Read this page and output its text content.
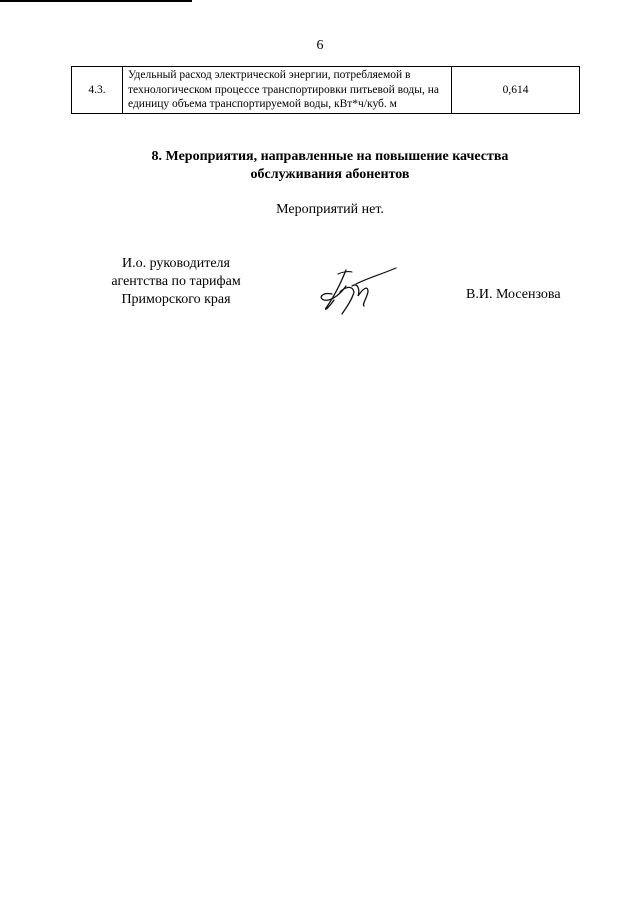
6
4.3.	Удельный расход электрической энергии, потребляемой в технологическом процессе транспортировки питьевой воды, на единицу объема транспортируемой воды, кВт*ч/куб. м	0,614
8. Мероприятия, направленные на повышение качества
обслуживания абонентов
Мероприятий нет.
И.о. руководителя
агентства по тарифам
Приморского края	В.И. Мосензова
